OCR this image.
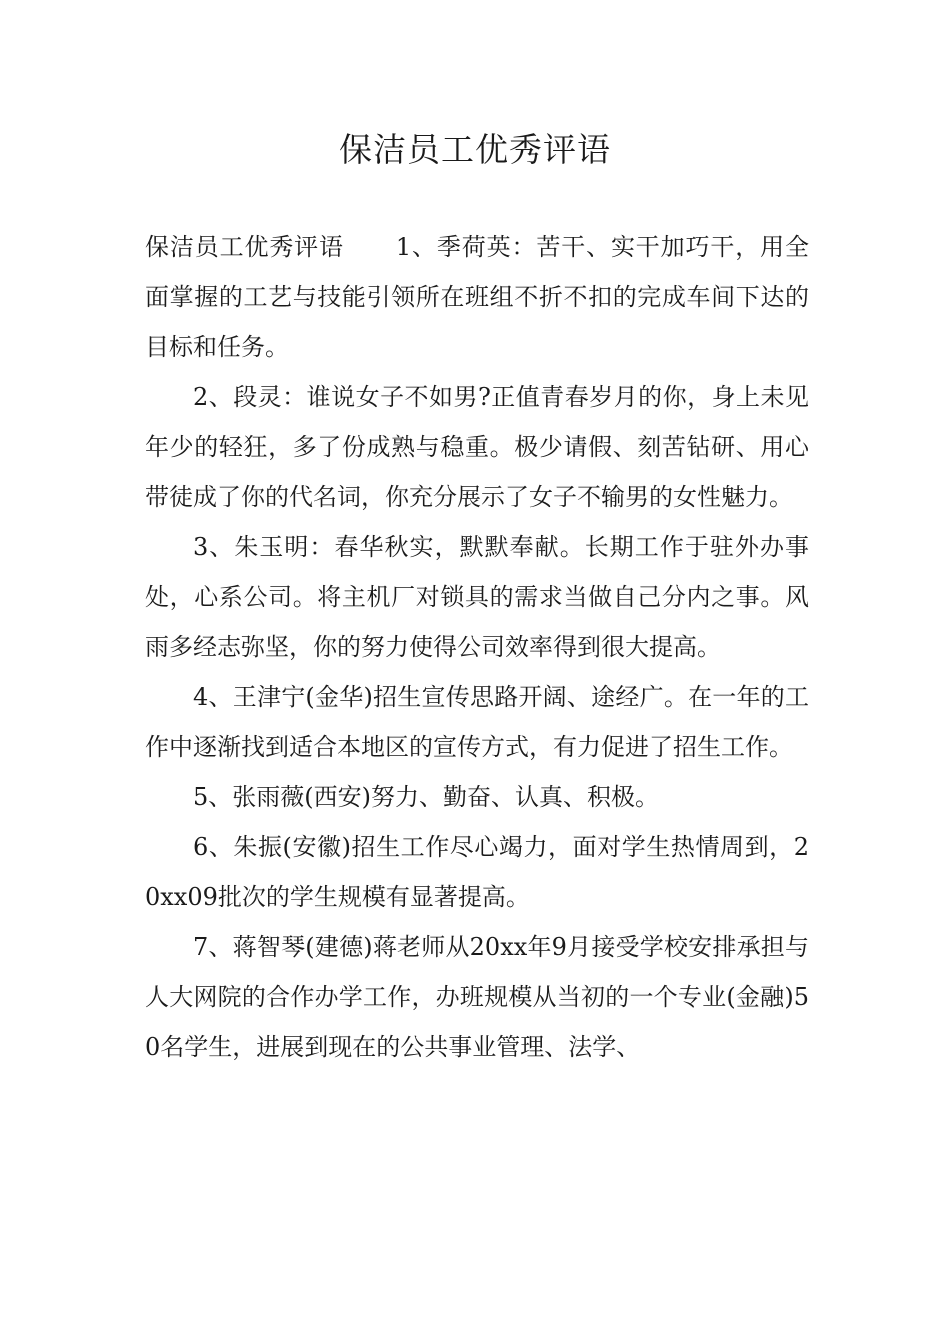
保洁员工优秀评语

保洁员工优秀评语 1、季荷英：苦干、实干加巧干，用全面掌握的工艺与技能引领所在班组不折不扣的完成车间下达的目标和任务。

2、段灵：谁说女子不如男?正值青春岁月的你，身上未见年少的轻狂，多了份成熟与稳重。极少请假、刻苦钻研、用心带徒成了你的代名词，你充分展示了女子不输男的女性魅力。

3、朱玉明：春华秋实，默默奉献。长期工作于驻外办事处，心系公司。将主机厂对锁具的需求当做自己分内之事。风雨多经志弥坚，你的努力使得公司效率得到很大提高。

4、王津宁(金华)招生宣传思路开阔、途经广。在一年的工作中逐渐找到适合本地区的宣传方式，有力促进了招生工作。

5、张雨薇(西安)努力、勤奋、认真、积极。

6、朱振(安徽)招生工作尽心竭力，面对学生热情周到，20xx09批次的学生规模有显著提高。

7、蒋智琴(建德)蒋老师从20xx年9月接受学校安排承担与人大网院的合作办学工作，办班规模从当初的一个专业(金融)50名学生，进展到现在的公共事业管理、法学、
